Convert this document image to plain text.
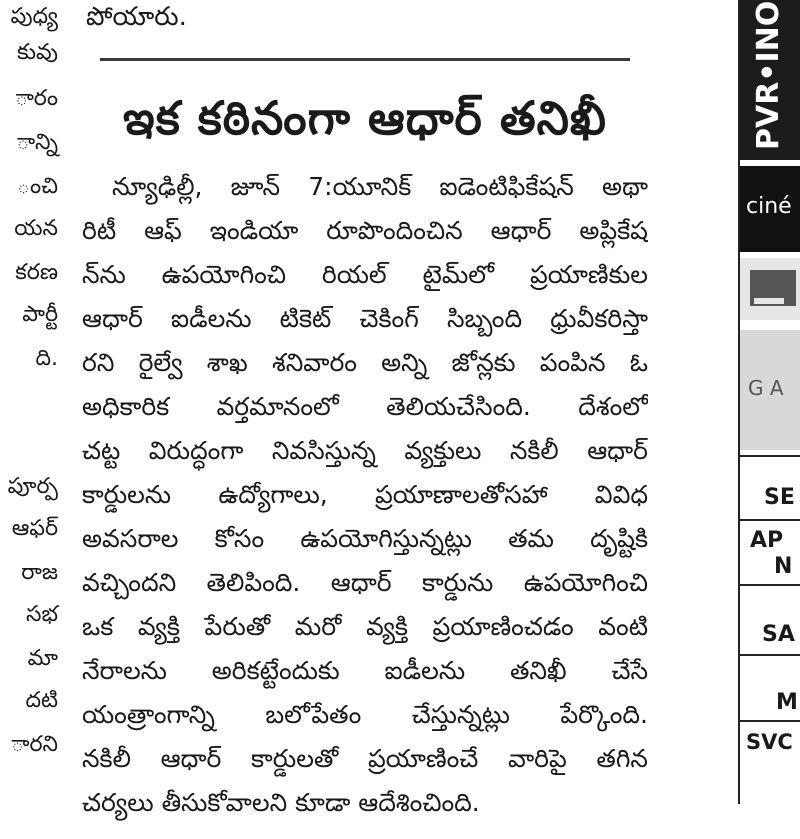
పుధ్య
కువు
ారం
ాన్ని
ంచి
యన
కరణ
పార్టీ
ది.
పూర్ప
ఆఫర్
రాజ
సభ
మా
దటి
ారని
పోయారు.
ఇక కఠినంగా ఆధార్ తనిఖీ
న్యూఢిల్లీ, జూన్ 7:యూనిక్ ఐడెంటిఫికేషన్ అథా
రిటీ ఆఫ్ ఇండియా రూపొందించిన ఆధార్ అప్లికేష
న్‌ను ఉపయోగించి రియల్ టైమ్‌లో ప్రయాణికుల
ఆధార్ ఐడీలను టికెట్ చెకింగ్ సిబ్బంది ధ్రువీకరిస్తా
రని రైల్వే శాఖ శనివారం అన్ని జోన్లకు పంపిన ఓ
అధికారిక వర్తమానంలో తెలియచేసింది. దేశంలో
చట్ట విరుద్ధంగా నివసిస్తున్న వ్యక్తులు నకిలీ ఆధార్
కార్డులను ఉద్యోగాలు, ప్రయాణాలతోసహా వివిధ
అవసరాల కోసం ఉపయోగిస్తున్నట్లు తమ దృష్టికి
వచ్చిందని తెలిపింది. ఆధార్ కార్డును ఉపయోగించి
ఒక వ్యక్తి పేరుతో మరో వ్యక్తి ప్రయాణించడం వంటి
నేరాలను అరికట్టేందుకు ఐడీలను తనిఖీ చేసే
యంత్రాంగాన్ని బలోపేతం చేస్తున్నట్లు పేర్కొంది.
నకిలీ ఆధార్ కార్డులతో ప్రయాణించే వారిపై తగిన
చర్యలు తీసుకోవాలని కూడా ఆదేశించింది.
PVR•INO
ciné
G A
SE
AP
N
SA
M
SVC
